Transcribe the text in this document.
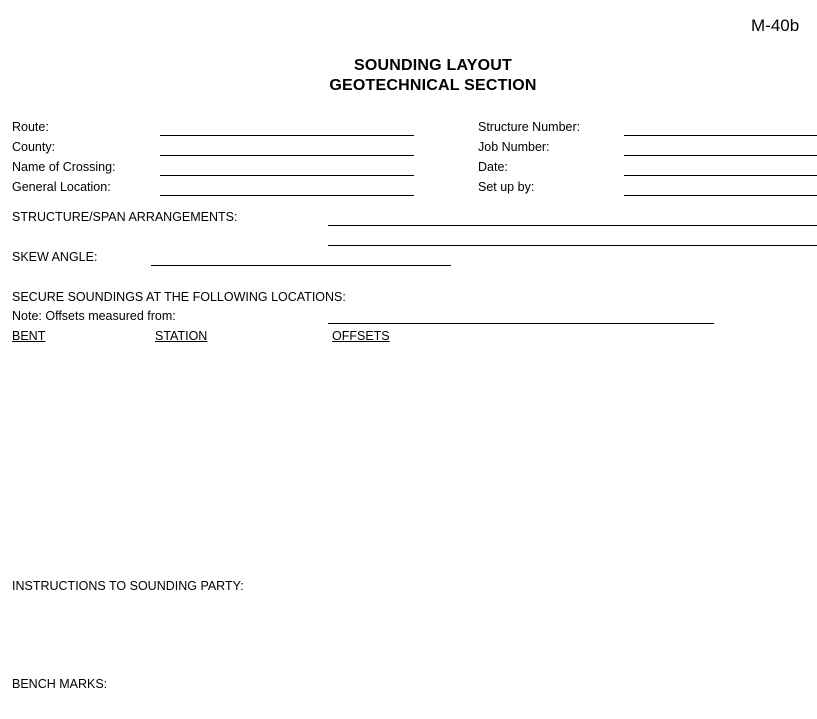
M-40b
SOUNDING LAYOUT
GEOTECHNICAL SECTION
Route:
County:
Name of Crossing:
General Location:
Structure Number:
Job Number:
Date:
Set up by:
STRUCTURE/SPAN ARRANGEMENTS:
SKEW ANGLE:
SECURE SOUNDINGS AT THE FOLLOWING LOCATIONS:
Note: Offsets measured from:
BENT	STATION	OFFSETS
INSTRUCTIONS TO SOUNDING PARTY:
BENCH MARKS:
